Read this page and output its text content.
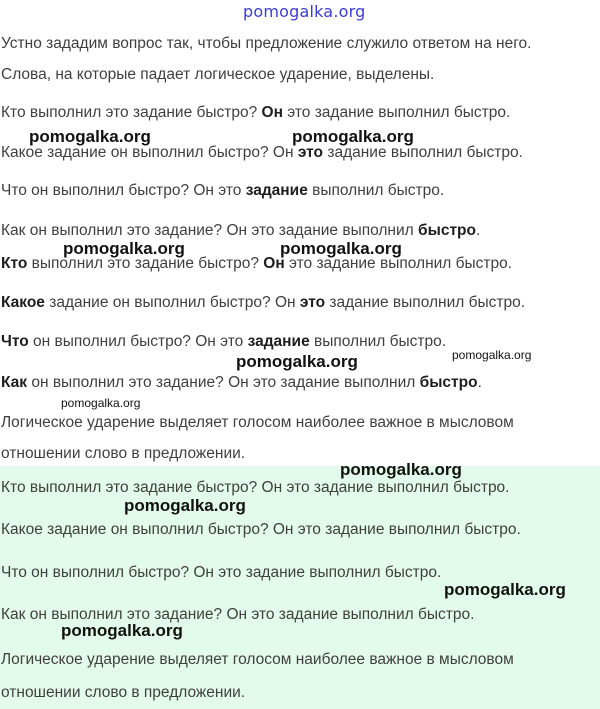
pomogalka.org
Устно зададим вопрос так, чтобы предложение служило ответом на него.
Слова, на которые падает логическое ударение, выделены.
Кто выполнил это задание быстро? Он это задание выполнил быстро.
Какое задание он выполнил быстро? Он это задание выполнил быстро.
Что он выполнил быстро? Он это задание выполнил быстро.
Как он выполнил это задание? Он это задание выполнил быстро.
Кто выполнил это задание быстро? Он это задание выполнил быстро.
Какое задание он выполнил быстро? Он это задание выполнил быстро.
Что он выполнил быстро? Он это задание выполнил быстро.
Как он выполнил это задание? Он это задание выполнил быстро.
Логическое ударение выделяет голосом наиболее важное в мысловом
отношении слово в предложении.
Кто выполнил это задание быстро? Он это задание выполнил быстро.
Какое задание он выполнил быстро? Он это задание выполнил быстро.
Что он выполнил быстро? Он это задание выполнил быстро.
Как он выполнил это задание? Он это задание выполнил быстро.
Логическое ударение выделяет голосом наиболее важное в мысловом
отношении слово в предложении.
pomogalka.org	pomogalka.org
pomogalka.org	pomogalka.org
pomogalka.org	pomogalka.org
pomogalka.org
pomogalka.org
pomogalka.org
pomogalka.org
pomogalka.org
